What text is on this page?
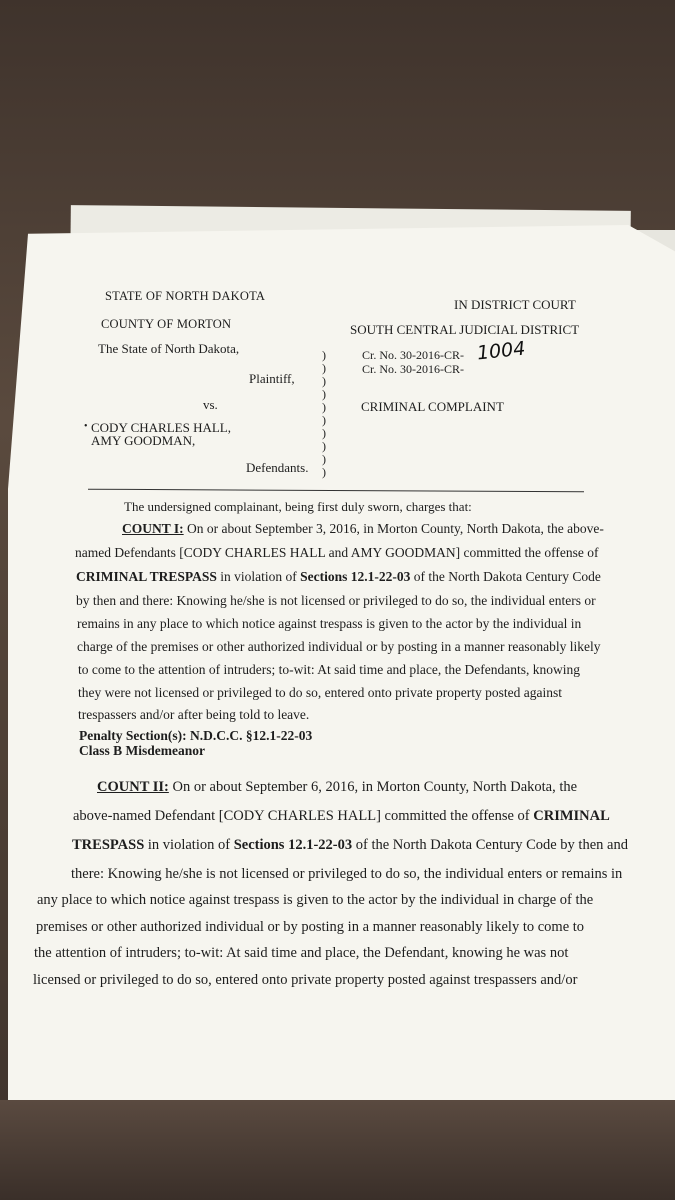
STATE OF NORTH DAKOTA
COUNTY OF MORTON
IN DISTRICT COURT
SOUTH CENTRAL JUDICIAL DISTRICT
The State of North Dakota,
Plaintiff,
vs.
• CODY CHARLES HALL,
AMY GOODMAN,
Defendants.
)
)
)
)
)
)
)
)
)
)
Cr. No. 30-2016-CR- 1004
Cr. No. 30-2016-CR-
CRIMINAL COMPLAINT
The undersigned complainant, being first duly sworn, charges that:
COUNT I: On or about September 3, 2016, in Morton County, North Dakota, the above-
named Defendants [CODY CHARLES HALL and AMY GOODMAN] committed the offense of
CRIMINAL TRESPASS in violation of Sections 12.1-22-03 of the North Dakota Century Code
by then and there: Knowing he/she is not licensed or privileged to do so, the individual enters or
remains in any place to which notice against trespass is given to the actor by the individual in
charge of the premises or other authorized individual or by posting in a manner reasonably likely
to come to the attention of intruders; to-wit: At said time and place, the Defendants, knowing
they were not licensed or privileged to do so, entered onto private property posted against
trespassers and/or after being told to leave.
Penalty Section(s): N.D.C.C. §12.1-22-03
Class B Misdemeanor
COUNT II: On or about September 6, 2016, in Morton County, North Dakota, the
above-named Defendant [CODY CHARLES HALL] committed the offense of CRIMINAL
TRESPASS in violation of Sections 12.1-22-03 of the North Dakota Century Code by then and
there: Knowing he/she is not licensed or privileged to do so, the individual enters or remains in
any place to which notice against trespass is given to the actor by the individual in charge of the
premises or other authorized individual or by posting in a manner reasonably likely to come to
the attention of intruders; to-wit: At said time and place, the Defendant, knowing he was not
licensed or privileged to do so, entered onto private property posted against trespassers and/or
